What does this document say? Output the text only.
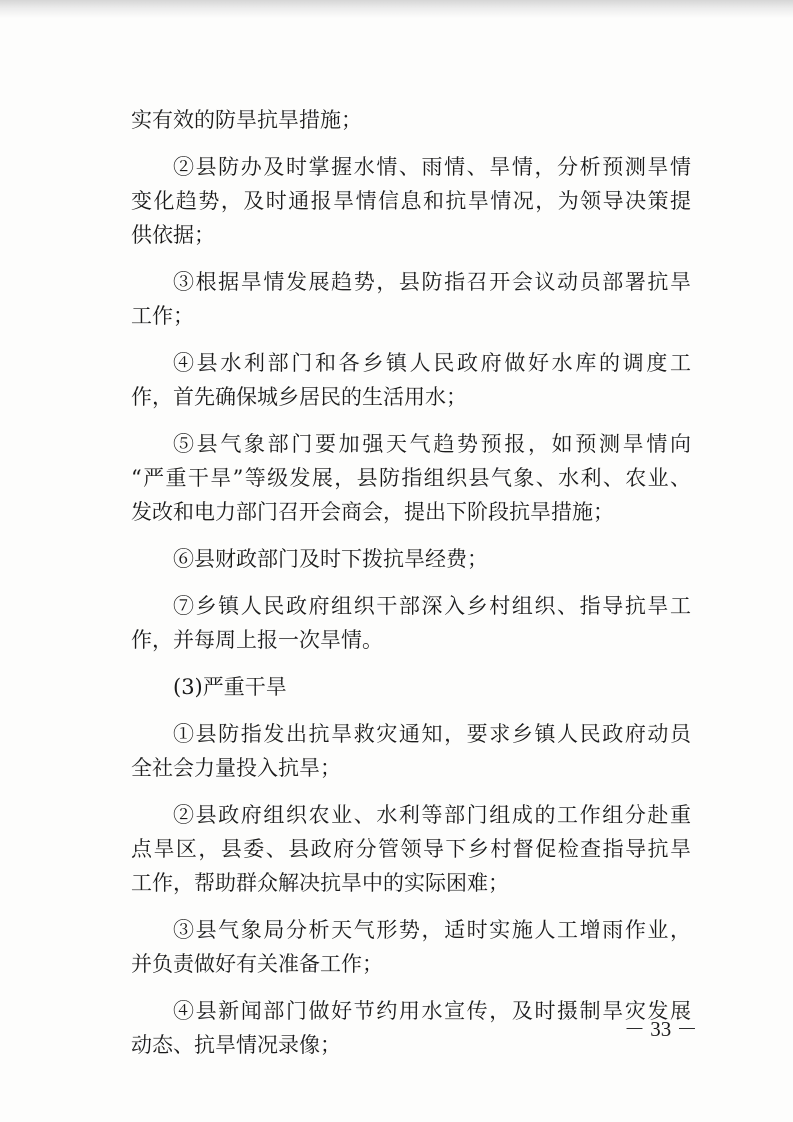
实有效的防旱抗旱措施；
②县防办及时掌握水情、雨情、旱情，分析预测旱情
变化趋势，及时通报旱情信息和抗旱情况，为领导决策提
供依据；
③根据旱情发展趋势，县防指召开会议动员部署抗旱
工作；
④县水利部门和各乡镇人民政府做好水库的调度工
作，首先确保城乡居民的生活用水；
⑤县气象部门要加强天气趋势预报，如预测旱情向
“严重干旱”等级发展，县防指组织县气象、水利、农业、
发改和电力部门召开会商会，提出下阶段抗旱措施；
⑥县财政部门及时下拨抗旱经费；
⑦乡镇人民政府组织干部深入乡村组织、指导抗旱工
作，并每周上报一次旱情。
(3)严重干旱
①县防指发出抗旱救灾通知，要求乡镇人民政府动员
全社会力量投入抗旱；
②县政府组织农业、水利等部门组成的工作组分赴重
点旱区，县委、县政府分管领导下乡村督促检查指导抗旱
工作，帮助群众解决抗旱中的实际困难；
③县气象局分析天气形势，适时实施人工增雨作业，
并负责做好有关准备工作；
④县新闻部门做好节约用水宣传，及时摄制旱灾发展
动态、抗旱情况录像；
－ 33 －
